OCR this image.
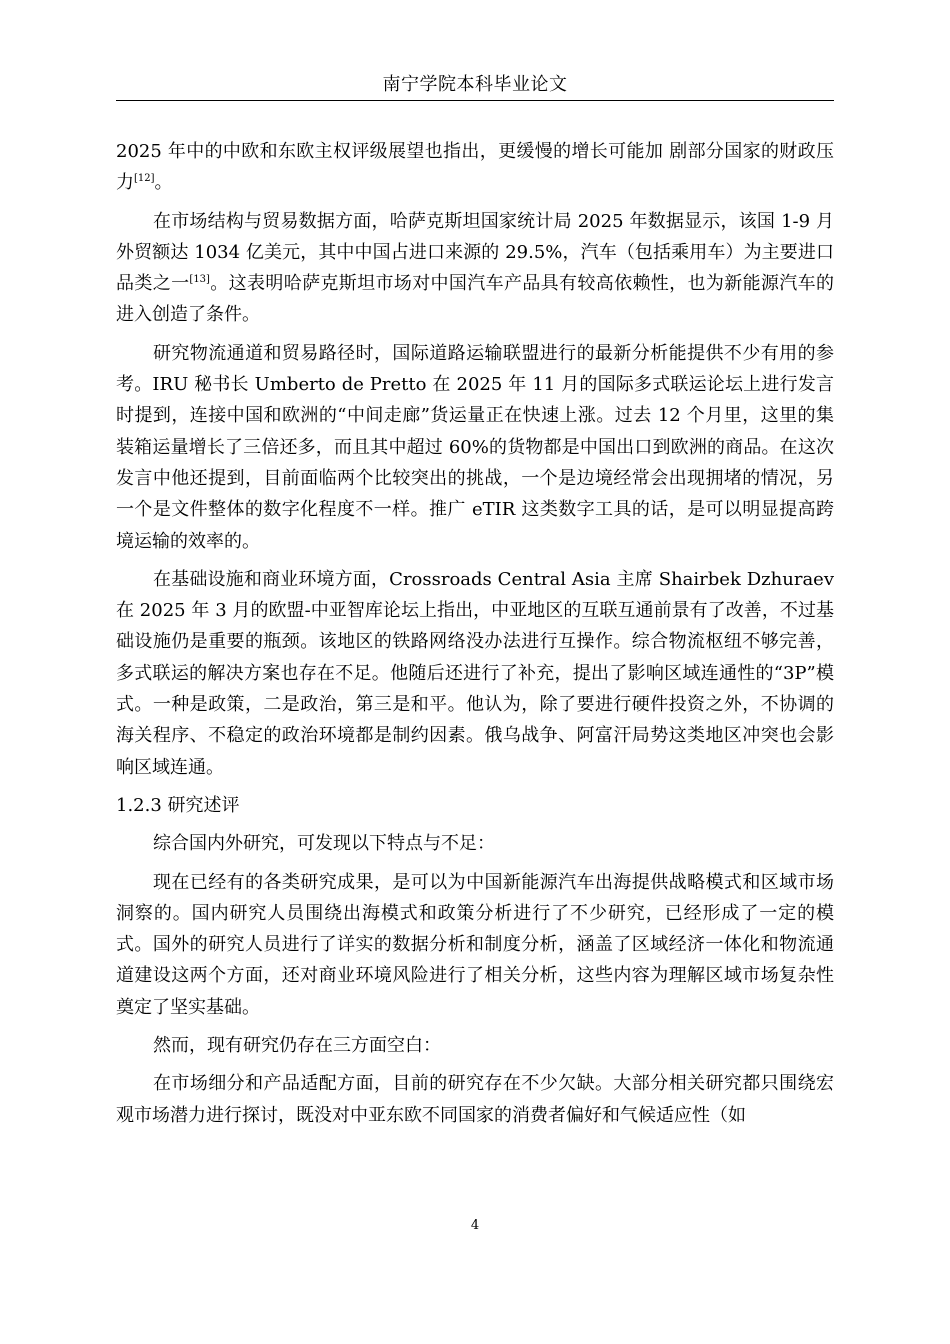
南宁学院本科毕业论文

2025 年中的中欧和东欧主权评级展望也指出，更缓慢的增长可能加 剧部分国家的财政压力[12]。

在市场结构与贸易数据方面，哈萨克斯坦国家统计局 2025 年数据显示，该国 1-9 月外贸额达 1034 亿美元，其中中国占进口来源的 29.5%，汽车（包括乘用车）为主要进口品类之一[13]。这表明哈萨克斯坦市场对中国汽车产品具有较高依赖性，也为新能源汽车的进入创造了条件。

研究物流通道和贸易路径时，国际道路运输联盟进行的最新分析能提供不少有用的参考。IRU 秘书长 Umberto de Pretto 在 2025 年 11 月的国际多式联运论坛上进行发言时提到，连接中国和欧洲的“中间走廊”货运量正在快速上涨。过去 12 个月里，这里的集装箱运量增长了三倍还多，而且其中超过 60%的货物都是中国出口到欧洲的商品。在这次发言中他还提到，目前面临两个比较突出的挑战，一个是边境经常会出现拥堵的情况，另一个是文件整体的数字化程度不一样。推广 eTIR 这类数字工具的话，是可以明显提高跨境运输的效率的。

在基础设施和商业环境方面，Crossroads Central Asia 主席 Shairbek Dzhuraev 在 2025 年 3 月的欧盟-中亚智库论坛上指出，中亚地区的互联互通前景有了改善，不过基础设施仍是重要的瓶颈。该地区的铁路网络没办法进行互操作。综合物流枢纽不够完善，多式联运的解决方案也存在不足。他随后还进行了补充，提出了影响区域连通性的“3P”模式。一种是政策，二是政治，第三是和平。他认为，除了要进行硬件投资之外，不协调的海关程序、不稳定的政治环境都是制约因素。俄乌战争、阿富汗局势这类地区冲突也会影响区域连通。

1.2.3 研究述评

综合国内外研究，可发现以下特点与不足：

现在已经有的各类研究成果，是可以为中国新能源汽车出海提供战略模式和区域市场洞察的。国内研究人员围绕出海模式和政策分析进行了不少研究，已经形成了一定的模式。国外的研究人员进行了详实的数据分析和制度分析，涵盖了区域经济一体化和物流通道建设这两个方面，还对商业环境风险进行了相关分析，这些内容为理解区域市场复杂性奠定了坚实基础。

然而，现有研究仍存在三方面空白：

在市场细分和产品适配方面，目前的研究存在不少欠缺。大部分相关研究都只围绕宏观市场潜力进行探讨，既没对中亚东欧不同国家的消费者偏好和气候适应性（如

4
